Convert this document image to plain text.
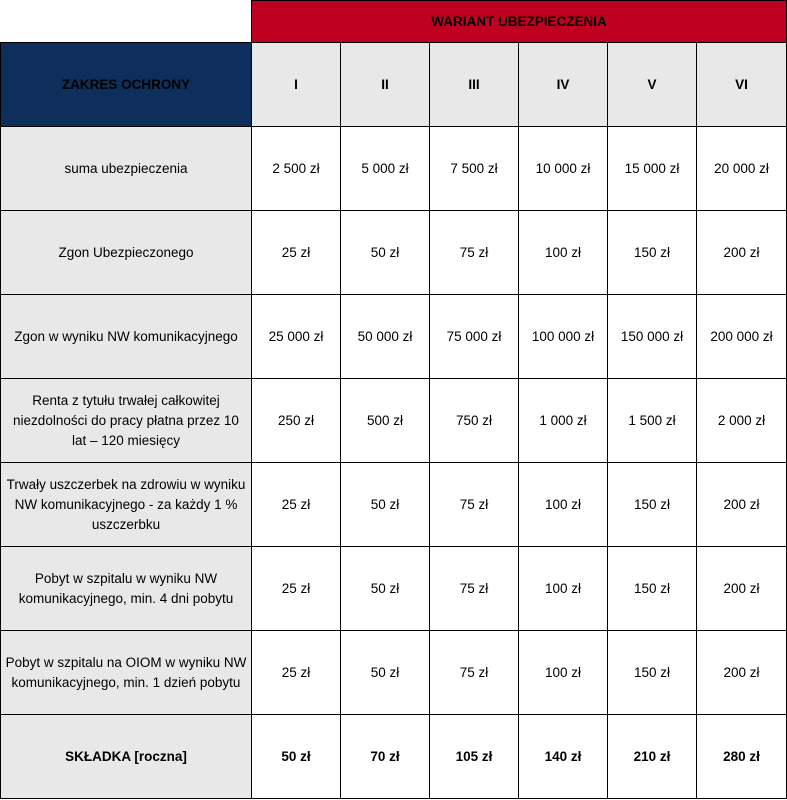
	WARIANT UBEZPIECZENIA					
ZAKRES OCHRONY	I	II	III	IV	V	VI
suma ubezpieczenia	2 500 zł	5 000 zł	7 500 zł	10 000 zł	15 000 zł	20 000 zł
Zgon Ubezpieczonego	25 zł	50 zł	75 zł	100 zł	150 zł	200 zł
Zgon w wyniku NW komunikacyjnego	25 000 zł	50 000 zł	75 000 zł	100 000 zł	150 000 zł	200 000 zł
Renta z tytułu trwałej całkowitej niezdolności do pracy płatna przez 10 lat – 120 miesięcy	250 zł	500 zł	750 zł	1 000 zł	1 500 zł	2 000 zł
Trwały uszczerbek na zdrowiu w wyniku NW komunikacyjnego - za każdy 1 % uszczerbku	25 zł	50 zł	75 zł	100 zł	150 zł	200 zł
Pobyt w szpitalu w wyniku NW komunikacyjnego, min. 4 dni pobytu	25 zł	50 zł	75 zł	100 zł	150 zł	200 zł
Pobyt w szpitalu na OIOM w wyniku NW komunikacyjnego, min. 1 dzień pobytu	25 zł	50 zł	75 zł	100 zł	150 zł	200 zł
SKŁADKA [roczna]	50 zł	70 zł	105 zł	140 zł	210 zł	280 zł
